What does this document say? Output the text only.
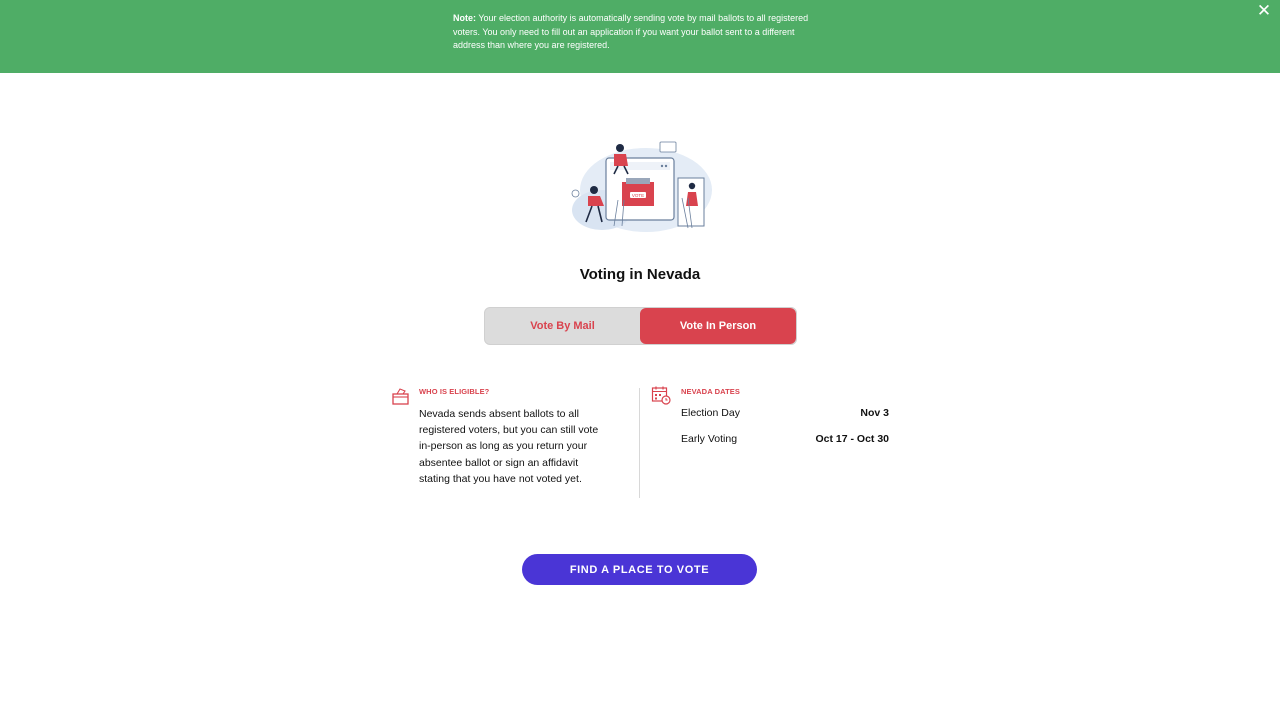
Note: Your election authority is automatically sending vote by mail ballots to all registered voters. You only need to fill out an application if you want your ballot sent to a different address than where you are registered.
✕
VOTE
Voting in Nevada
Vote By Mail	Vote In Person
WHO IS ELIGIBLE?
Nevada sends absent ballots to all registered voters, but you can still vote in-person as long as you return your absentee ballot or sign an affidavit stating that you have not voted yet.
NEVADA DATES
Election Day	Nov 3
Early Voting	Oct 17 - Oct 30
FIND A PLACE TO VOTE
